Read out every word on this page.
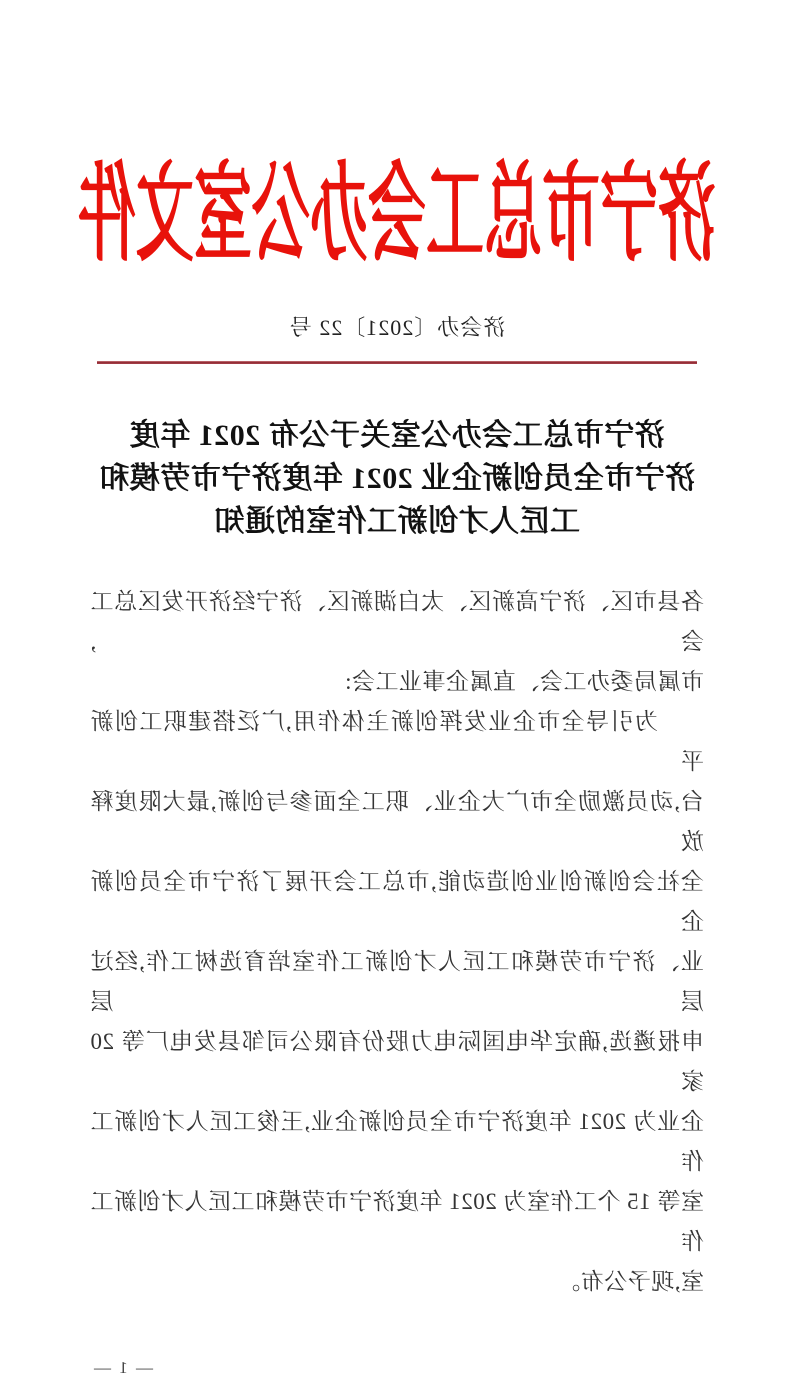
济宁市总工会办公室文件
济会办〔2021〕22 号
济宁市总工会办公室关于公布 2021 年度
济宁市全员创新企业 2021 年度济宁市劳模和
工匠人才创新工作室的通知
各县市区、济宁高新区、太白湖新区、济宁经济开发区总工会,
市属局委办工会、直属企事业工会:
为引导全市企业发挥创新主体作用,广泛搭建职工创新平
台,动员激励全市广大企业、职工全面参与创新,最大限度释放
全社会创新创业创造动能,市总工会开展了济宁市全员创新企
业、济宁市劳模和工匠人才创新工作室培育选树工作,经过层层
申报遴选,确定华电国际电力股份有限公司邹县发电厂等 20 家
企业为 2021 年度济宁市全员创新企业,王俊工匠人才创新工作
室等 15 个工作室为 2021 年度济宁市劳模和工匠人才创新工作
室,现予公布。
— 1 —
